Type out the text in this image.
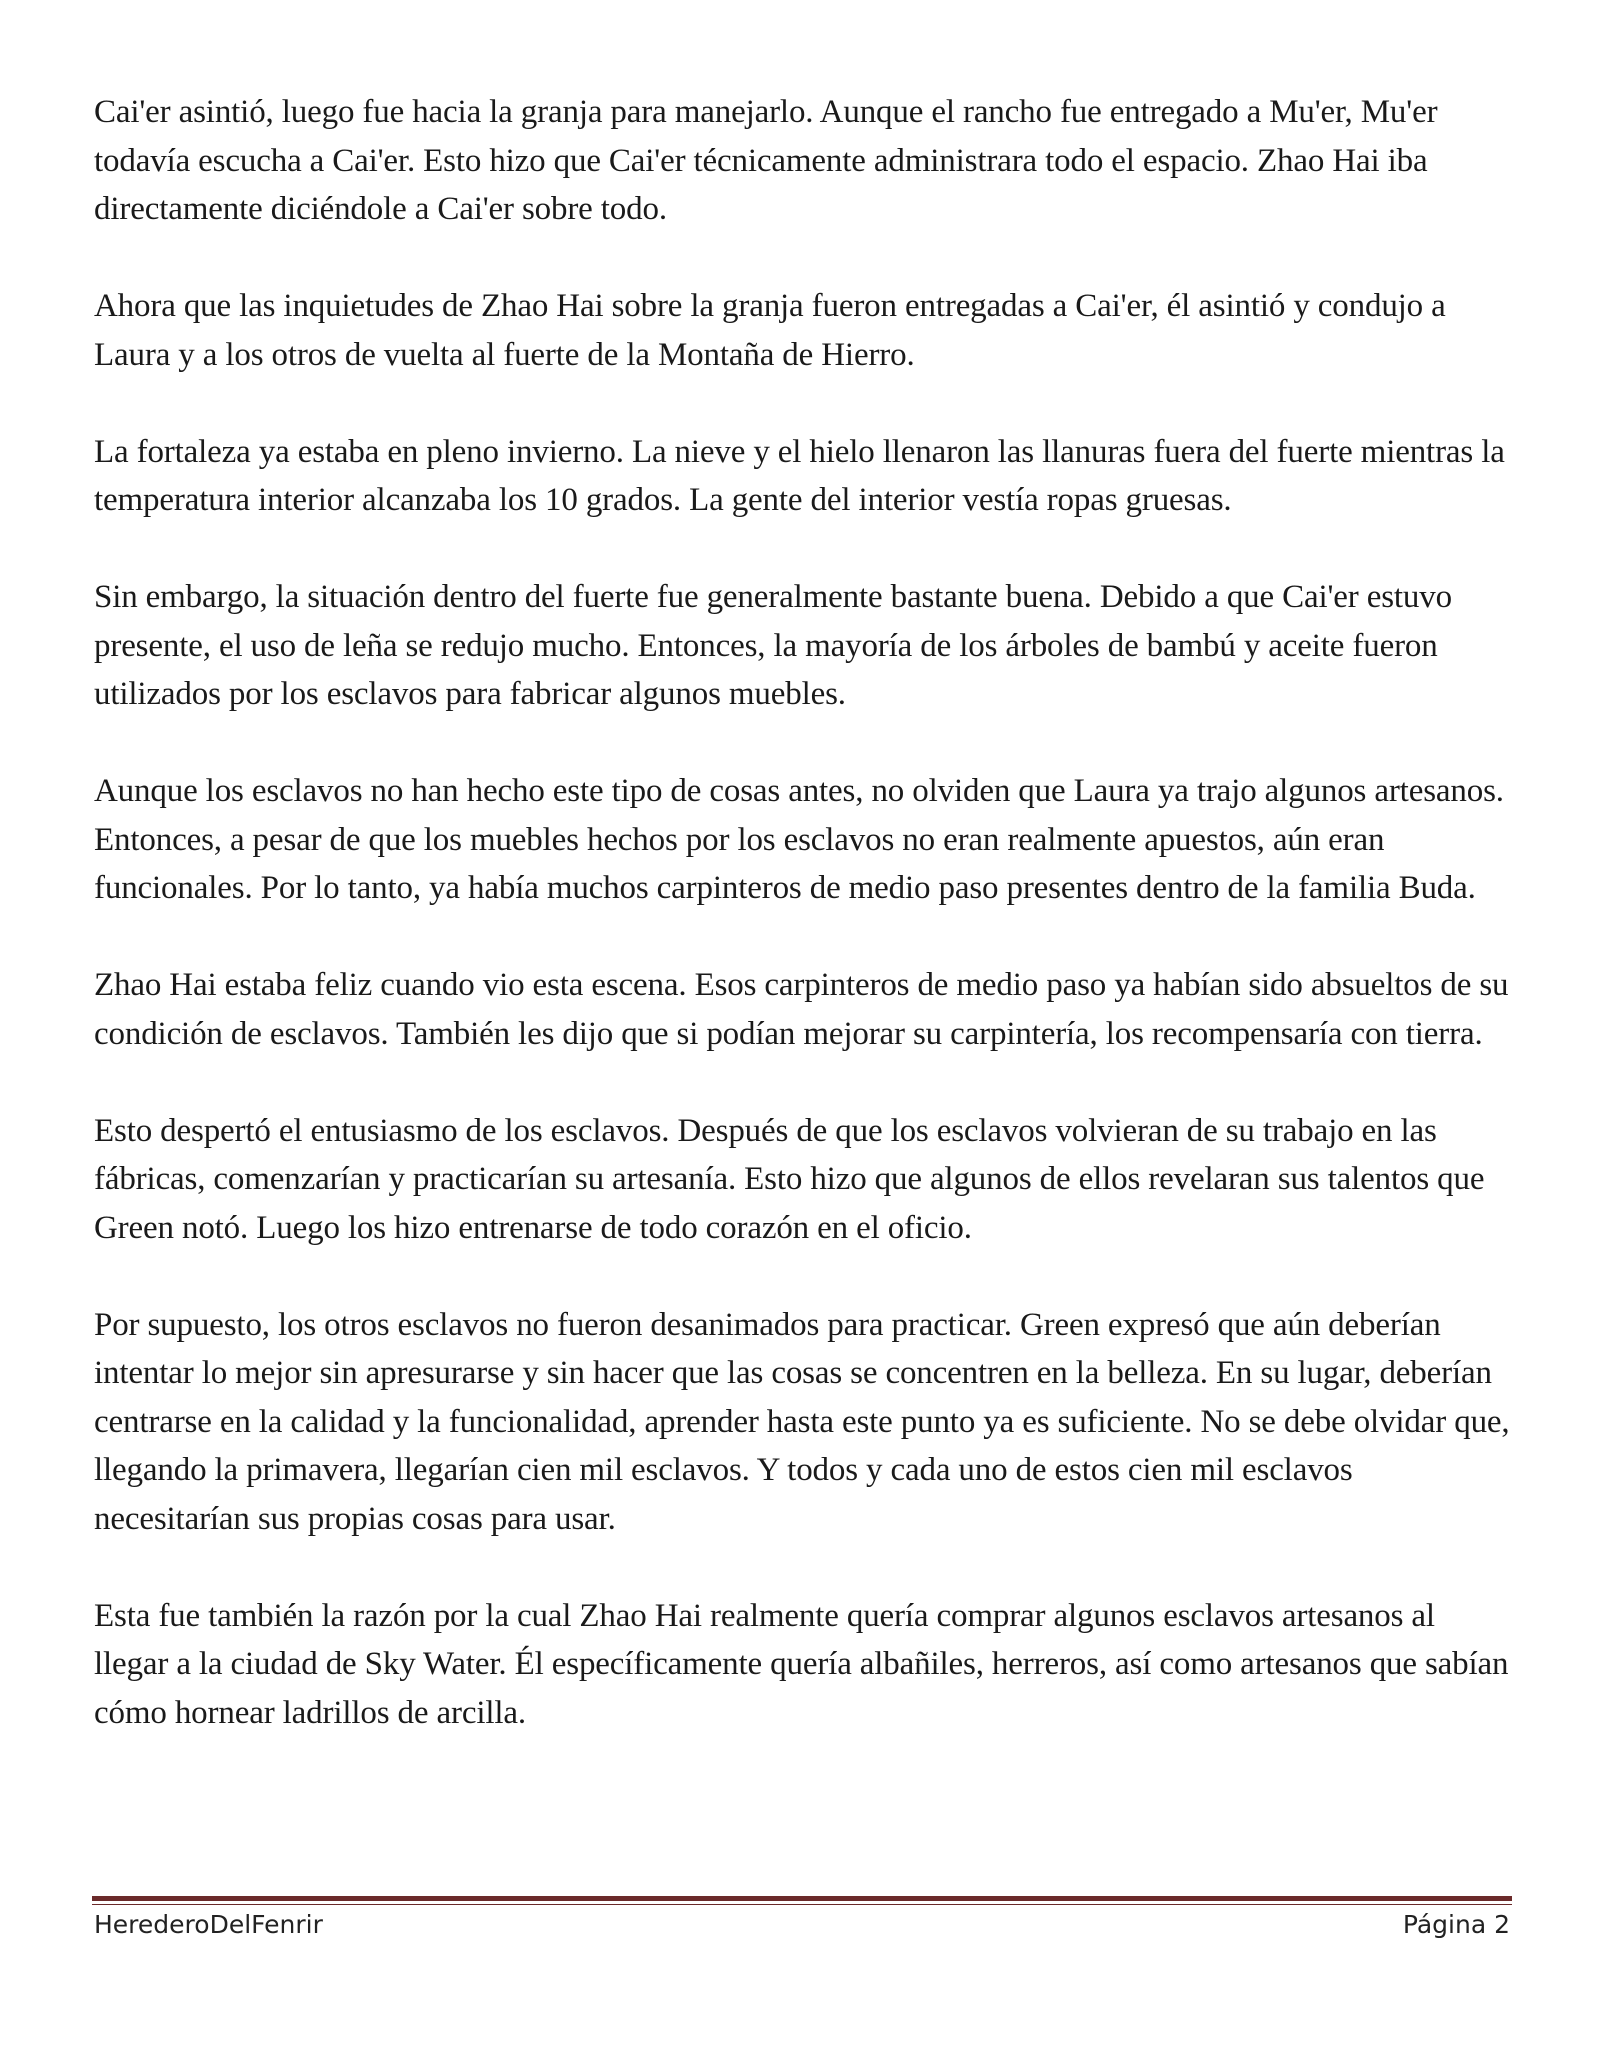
Cai'er asintió, luego fue hacia la granja para manejarlo. Aunque el rancho fue entregado a Mu'er, Mu'er todavía escucha a Cai'er. Esto hizo que Cai'er técnicamente administrara todo el espacio. Zhao Hai iba directamente diciéndole a Cai'er sobre todo.

Ahora que las inquietudes de Zhao Hai sobre la granja fueron entregadas a Cai'er, él asintió y condujo a Laura y a los otros de vuelta al fuerte de la Montaña de Hierro.

La fortaleza ya estaba en pleno invierno. La nieve y el hielo llenaron las llanuras fuera del fuerte mientras la temperatura interior alcanzaba los 10 grados. La gente del interior vestía ropas gruesas.

Sin embargo, la situación dentro del fuerte fue generalmente bastante buena. Debido a que Cai'er estuvo presente, el uso de leña se redujo mucho. Entonces, la mayoría de los árboles de bambú y aceite fueron utilizados por los esclavos para fabricar algunos muebles.

Aunque los esclavos no han hecho este tipo de cosas antes, no olviden que Laura ya trajo algunos artesanos. Entonces, a pesar de que los muebles hechos por los esclavos no eran realmente apuestos, aún eran funcionales. Por lo tanto, ya había muchos carpinteros de medio paso presentes dentro de la familia Buda.

Zhao Hai estaba feliz cuando vio esta escena. Esos carpinteros de medio paso ya habían sido absueltos de su condición de esclavos. También les dijo que si podían mejorar su carpintería, los recompensaría con tierra.

Esto despertó el entusiasmo de los esclavos. Después de que los esclavos volvieran de su trabajo en las fábricas, comenzarían y practicarían su artesanía. Esto hizo que algunos de ellos revelaran sus talentos que Green notó. Luego los hizo entrenarse de todo corazón en el oficio.

Por supuesto, los otros esclavos no fueron desanimados para practicar. Green expresó que aún deberían intentar lo mejor sin apresurarse y sin hacer que las cosas se concentren en la belleza. En su lugar, deberían centrarse en la calidad y la funcionalidad, aprender hasta este punto ya es suficiente. No se debe olvidar que, llegando la primavera, llegarían cien mil esclavos. Y todos y cada uno de estos cien mil esclavos necesitarían sus propias cosas para usar.

Esta fue también la razón por la cual Zhao Hai realmente quería comprar algunos esclavos artesanos al llegar a la ciudad de Sky Water. Él específicamente quería albañiles, herreros, así como artesanos que sabían cómo hornear ladrillos de arcilla.

HerederoDelFenrir	Página 2
